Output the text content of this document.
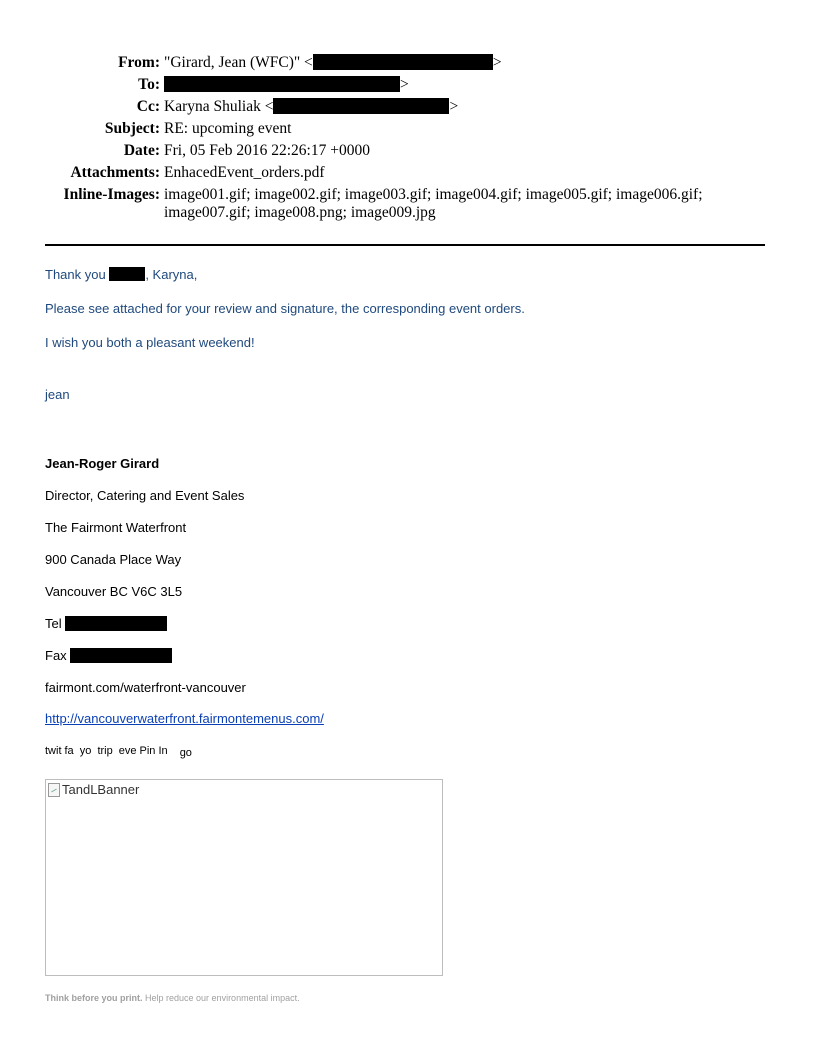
From: "Girard, Jean (WFC)" <	>
To:	>
Cc: Karyna Shuliak <	>
Subject: RE: upcoming event
Date: Fri, 05 Feb 2016 22:26:17 +0000
Attachments: EnhacedEvent_orders.pdf
Inline-Images: image001.gif; image002.gif; image003.gif; image004.gif; image005.gif; image006.gif; image007.gif; image008.png; image009.jpg
Thank you	, Karyna,
Please see attached for your review and signature, the corresponding event orders.
I wish you both a pleasant weekend!
jean
Jean-Roger Girard
Director, Catering and Event Sales
The Fairmont Waterfront
900 Canada Place Way
Vancouver BC V6C 3L5
Tel
Fax
fairmont.com/waterfront-vancouver
http://vancouverwaterfront.fairmontemenus.com/
twit fa yo trip eve Pin In go
TandLBanner
Think before you print. Help reduce our environmental impact.
